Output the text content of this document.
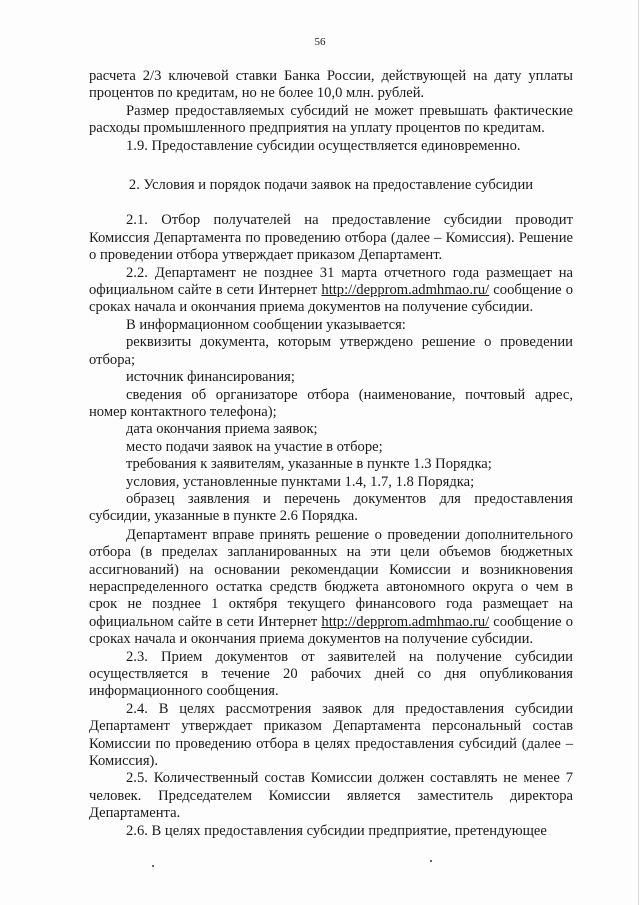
56

расчета 2/3 ключевой ставки Банка России, действующей на дату уплаты процентов по кредитам, но не более 10,0 млн. рублей.

Размер предоставляемых субсидий не может превышать фактические расходы промышленного предприятия на уплату процентов по кредитам.

1.9. Предоставление субсидии осуществляется единовременно.

2. Условия и порядок подачи заявок на предоставление субсидии

2.1. Отбор получателей на предоставление субсидии проводит Комиссия Департамента по проведению отбора (далее – Комиссия). Решение о проведении отбора утверждает приказом Департамент.

2.2. Департамент не позднее 31 марта отчетного года размещает на официальном сайте в сети Интернет http://depprom.admhmao.ru/ сообщение о сроках начала и окончания приема документов на получение субсидии.

В информационном сообщении указывается:

реквизиты документа, которым утверждено решение о проведении отбора;

источник финансирования;

сведения об организаторе отбора (наименование, почтовый адрес, номер контактного телефона);

дата окончания приема заявок;

место подачи заявок на участие в отборе;

требования к заявителям, указанные в пункте 1.3 Порядка;

условия, установленные пунктами 1.4, 1.7, 1.8 Порядка;

образец заявления и перечень документов для предоставления субсидии, указанные в пункте 2.6 Порядка.

Департамент вправе принять решение о проведении дополнительного отбора (в пределах запланированных на эти цели объемов бюджетных ассигнований) на основании рекомендации Комиссии и возникновения нераспределенного остатка средств бюджета автономного округа о чем в срок не позднее 1 октября текущего финансового года размещает на официальном сайте в сети Интернет http://depprom.admhmao.ru/ сообщение о сроках начала и окончания приема документов на получение субсидии.

2.3. Прием документов от заявителей на получение субсидии осуществляется в течение 20 рабочих дней со дня опубликования информационного сообщения.

2.4. В целях рассмотрения заявок для предоставления субсидии Департамент утверждает приказом Департамента персональный состав Комиссии по проведению отбора в целях предоставления субсидий (далее – Комиссия).

2.5. Количественный состав Комиссии должен составлять не менее 7 человек. Председателем Комиссии является заместитель директора Департамента.

2.6. В целях предоставления субсидии предприятие, претендующее
